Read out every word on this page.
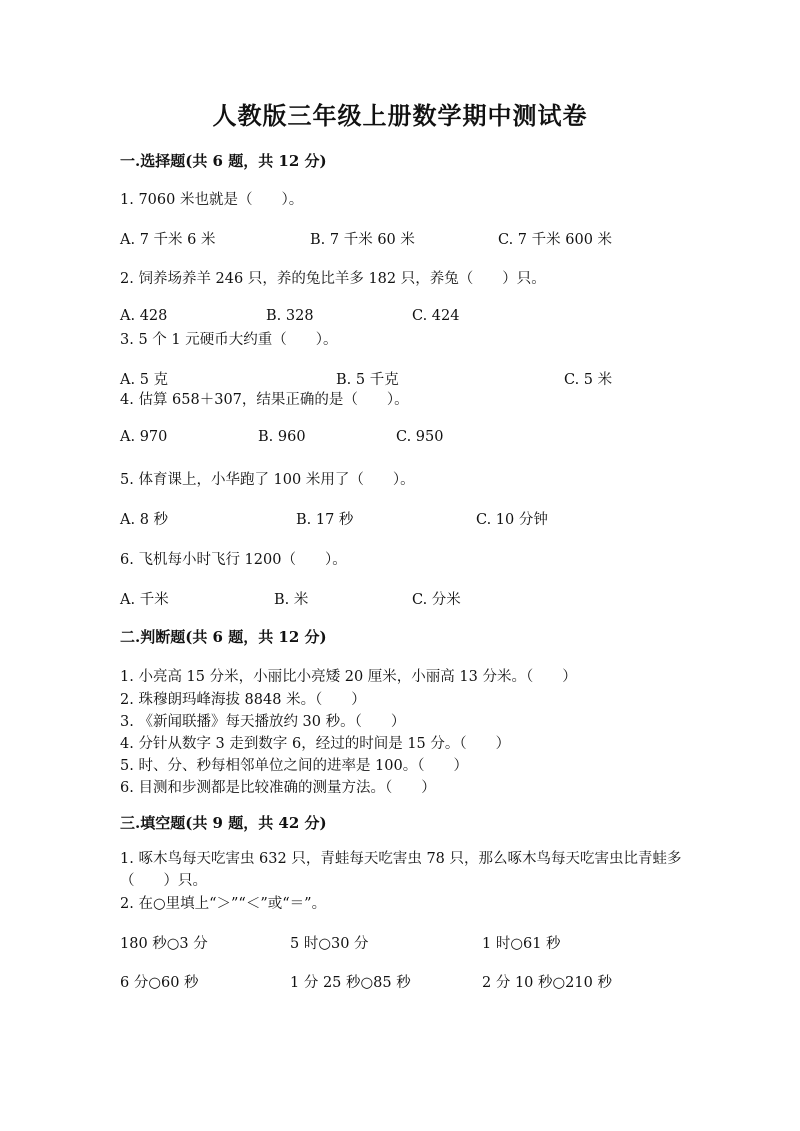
人教版三年级上册数学期中测试卷
一.选择题(共 6 题，共 12 分)
1. 7060 米也就是（　　）。
A. 7 千米 6 米	B. 7 千米 60 米	C. 7 千米 600 米
2. 饲养场养羊 246 只，养的兔比羊多 182 只，养兔（　　）只。
A. 428	B. 328	C. 424
3. 5 个 1 元硬币大约重（　　）。
A. 5 克	B. 5 千克	C. 5 米
4. 估算 658＋307，结果正确的是（　　）。
A. 970	B. 960	C. 950
5. 体育课上，小华跑了 100 米用了（　　）。
A. 8 秒	B. 17 秒	C. 10 分钟
6. 飞机每小时飞行 1200（　　）。
A. 千米	B. 米	C. 分米
二.判断题(共 6 题，共 12 分)
1. 小亮高 15 分米，小丽比小亮矮 20 厘米，小丽高 13 分米。（　　）
2. 珠穆朗玛峰海拔 8848 米。（　　）
3. 《新闻联播》每天播放约 30 秒。（　　）
4. 分针从数字 3 走到数字 6，经过的时间是 15 分。（　　）
5. 时、分、秒每相邻单位之间的进率是 100。（　　）
6. 目测和步测都是比较准确的测量方法。（　　）
三.填空题(共 9 题，共 42 分)
1. 啄木鸟每天吃害虫 632 只，青蛙每天吃害虫 78 只，那么啄木鸟每天吃害虫比青蛙多（　　）只。
2. 在○里填上“＞”“＜”或“＝”。
180 秒○3 分	5 时○30 分	1 时○61 秒
6 分○60 秒	1 分 25 秒○85 秒	2 分 10 秒○210 秒
